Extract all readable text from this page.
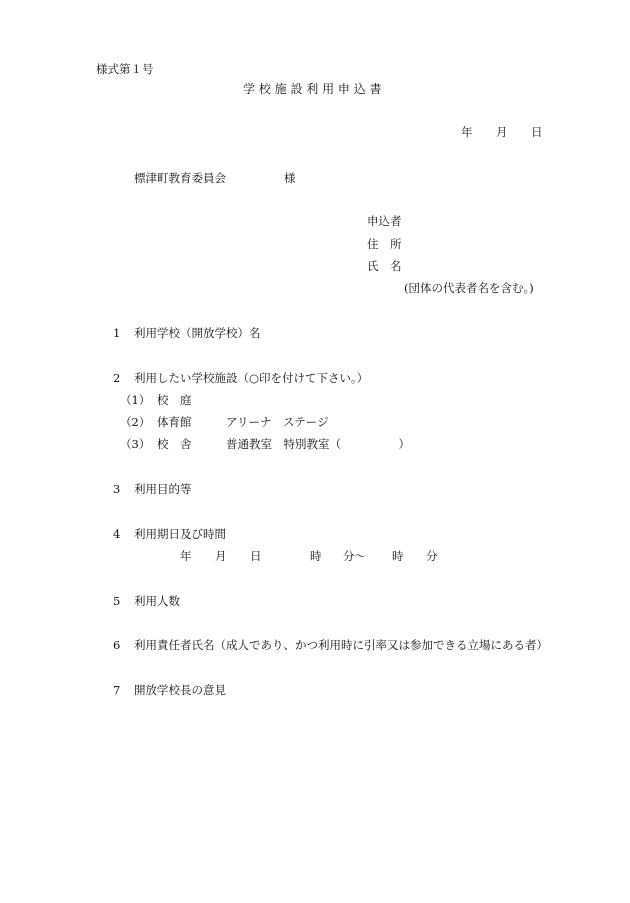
様式第１号
学 校 施 設 利 用 申 込 書
年 月 日
標津町教育委員会	様
申込者
住　所
氏　名
(団体の代表者名を含む。)
1 利用学校（開放学校）名
2 利用したい学校施設（○印を付けて下さい。）
（1） 校　庭
（2） 体育館	アリーナ　ステージ
（3） 校　舎	普通教室　特別教室（　　　　　）
3 利用目的等
4 利用期日及び時間
年 月 日	時 分～ 時 分
5 利用人数
6 利用責任者氏名（成人であり、かつ利用時に引率又は参加できる立場にある者）
7 開放学校長の意見
